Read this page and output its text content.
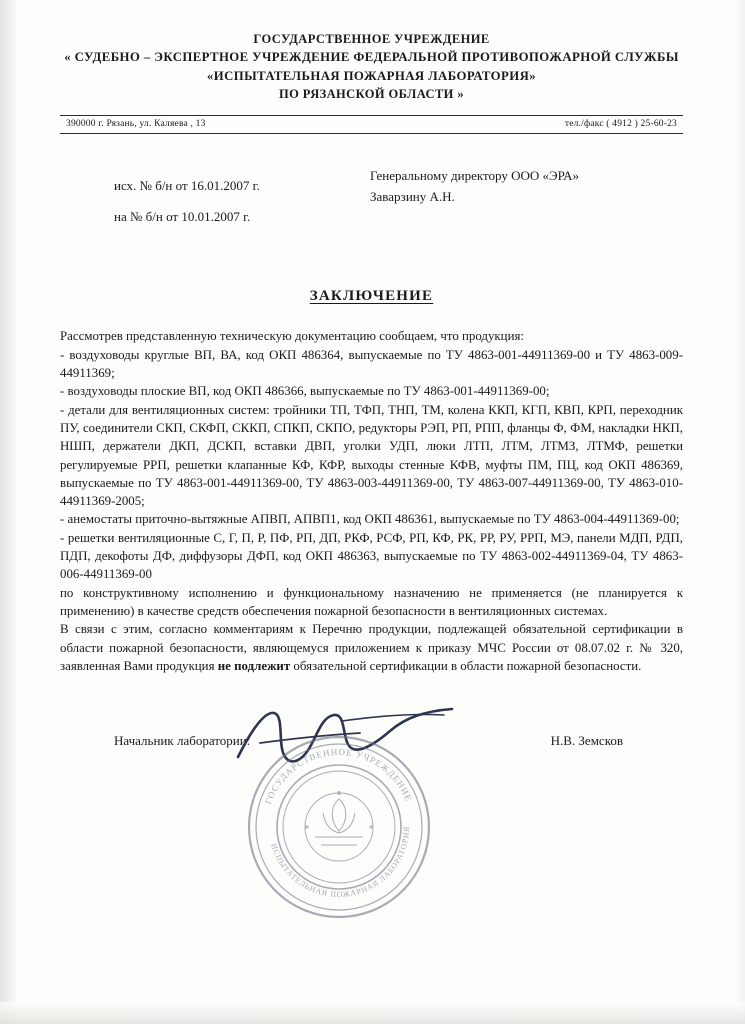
ГОСУДАРСТВЕННОЕ УЧРЕЖДЕНИЕ
« СУДЕБНО – ЭКСПЕРТНОЕ УЧРЕЖДЕНИЕ ФЕДЕРАЛЬНОЙ ПРОТИВОПОЖАРНОЙ СЛУЖБЫ
«ИСПЫТАТЕЛЬНАЯ ПОЖАРНАЯ ЛАБОРАТОРИЯ»
ПО РЯЗАНСКОЙ ОБЛАСТИ »
390000 г. Рязань, ул. Каляева , 13	тел./факс ( 4912 ) 25-60-23
исх. № б/н от 16.01.2007 г.
на № б/н от 10.01.2007 г.
Генеральному директору ООО «ЭРА»
Заварзину А.Н.
ЗАКЛЮЧЕНИЕ

Рассмотрев представленную техническую документацию сообщаем, что продукция:

- воздуховоды круглые ВП, ВА, код ОКП 486364, выпускаемые по ТУ 4863-001-44911369-00 и ТУ 4863-009-44911369;

- воздуховоды плоские ВП, код ОКП 486366, выпускаемые по ТУ 4863-001-44911369-00;

- детали для вентиляционных систем: тройники ТП, ТФП, ТНП, ТМ, колена ККП, КГП, КВП, КРП, переходник ПУ, соединители СКП, СКФП, СККП, СПКП, СКПО, редукторы РЭП, РП, РПП, фланцы Ф, ФМ, накладки НКП, НШП, держатели ДКП, ДСКП, вставки ДВП, уголки УДП, люки ЛТП, ЛТМ, ЛТМЗ, ЛТМФ, решетки регулируемые РРП, решетки клапанные КФ, КФР, выходы стенные КФВ, муфты ПМ, ПЦ, код ОКП 486369, выпускаемые по ТУ 4863-001-44911369-00, ТУ 4863-003-44911369-00, ТУ 4863-007-44911369-00, ТУ 4863-010-44911369-2005;

- анемостаты приточно-вытяжные АПВП, АПВП1, код ОКП 486361, выпускаемые по ТУ 4863-004-44911369-00;

- решетки вентиляционные С, Г, П, Р, ПФ, РП, ДП, РКФ, РСФ, РП, КФ, РК, РР, РУ, РРП, МЭ, панели МДП, РДП, ПДП, декофоты ДФ, диффузоры ДФП, код ОКП 486363, выпускаемые по ТУ 4863-002-44911369-04, ТУ 4863-006-44911369-00

по конструктивному исполнению и функциональному назначению не применяется (не планируется к применению) в качестве средств обеспечения пожарной безопасности в вентиляционных системах.

В связи с этим, согласно комментариям к Перечню продукции, подлежащей обязательной сертификации в области пожарной безопасности, являющемуся приложением к приказу МЧС России от 08.07.02 г. № 320, заявленная Вами продукция не подлежит обязательной сертификации в области пожарной безопасности.

Начальник лаборатории:	Н.В. Земсков
ГОСУДАРСТВЕННОЕ УЧРЕЖДЕНИЕ
ИСПЫТАТЕЛЬНАЯ ПОЖАРНАЯ ЛАБОРАТОРИЯ
